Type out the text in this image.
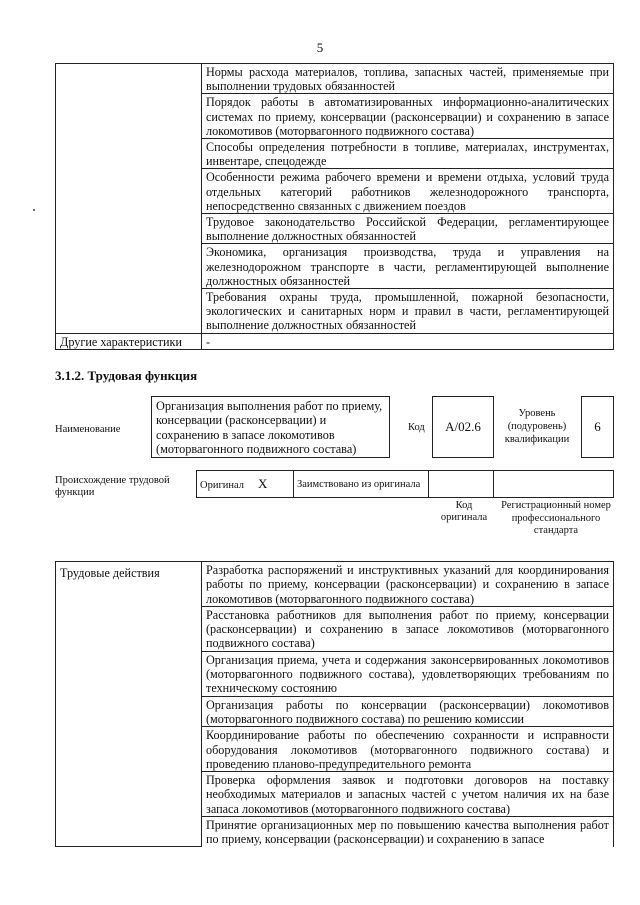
5
	Нормы расхода материалов, топлива, запасных частей, применяемые при выполнении трудовых обязанностей
	Порядок работы в автоматизированных информационно-аналитических системах по приему, консервации (расконсервации) и сохранению в запасе локомотивов (моторвагонного подвижного состава)
	Способы определения потребности в топливе, материалах, инструментах, инвентаре, спецодежде
	Особенности режима рабочего времени и времени отдыха, условий труда отдельных категорий работников железнодорожного транспорта, непосредственно связанных с движением поездов
	Трудовое законодательство Российской Федерации, регламентирующее выполнение должностных обязанностей
	Экономика, организация производства, труда и управления на железнодорожном транспорте в части, регламентирующей выполнение должностных обязанностей
	Требования охраны труда, промышленной, пожарной безопасности, экологических и санитарных норм и правил в части, регламентирующей выполнение должностных обязанностей
Другие характеристики	-
3.1.2. Трудовая функция
Наименование
Организация выполнения работ по приему, консервации (расконсервации) и сохранению в запасе локомотивов (моторвагонного подвижного состава)
Код	А/02.6
Уровень (подуровень) квалификации
6
Происхождение трудовой функции
Оригинал X	Заимствовано из оригинала		
Код оригинала
Регистрационный номер профессионального стандарта
Трудовые действия	Разработка распоряжений и инструктивных указаний для координирования работы по приему, консервации (расконсервации) и сохранению в запасе локомотивов (моторвагонного подвижного состава)
Расстановка работников для выполнения работ по приему, консервации (расконсервации) и сохранению в запасе локомотивов (моторвагонного подвижного состава)
Организация приема, учета и содержания законсервированных локомотивов (моторвагонного подвижного состава), удовлетворяющих требованиям по техническому состоянию
Организация работы по консервации (расконсервации) локомотивов (моторвагонного подвижного состава) по решению комиссии
Координирование работы по обеспечению сохранности и исправности оборудования локомотивов (моторвагонного подвижного состава) и проведению планово-предупредительного ремонта
Проверка оформления заявок и подготовки договоров на поставку необходимых материалов и запасных частей с учетом наличия их на базе запаса локомотивов (моторвагонного подвижного состава)
Принятие организационных мер по повышению качества выполнения работ по приему, консервации (расконсервации) и сохранению в запасе
